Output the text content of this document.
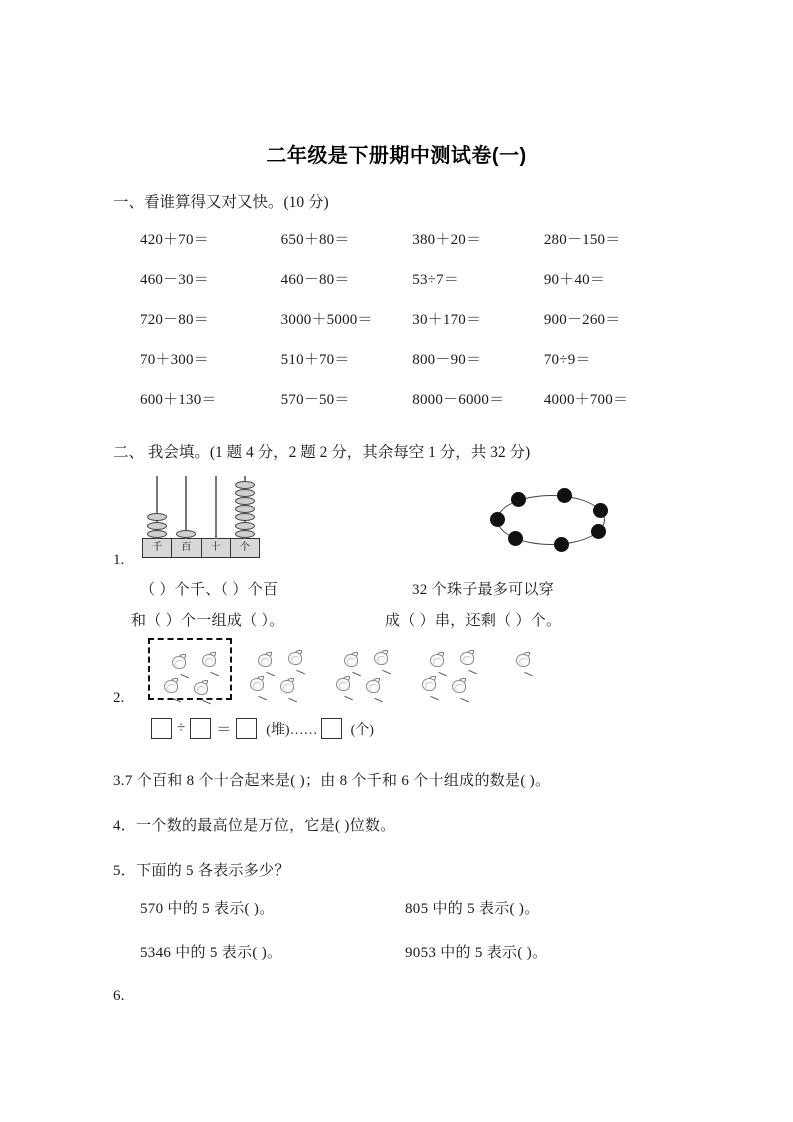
二年级是下册期中测试卷(一)
一、看谁算得又对又快。(10 分)
420＋70＝	650＋80＝	380＋20＝	280－150＝
460－30＝	460－80＝	53÷7＝	90＋40＝
720－80＝	3000＋5000＝	30＋170＝	900－260＝
70＋300＝	510＋70＝	800－90＝	70÷9＝
600＋130＝	570－50＝	8000－6000＝	4000＋700＝
二、 我会填。(1 题 4 分，2 题 2 分，其余每空 1 分，共 32 分)
1.
千	百	十	个
（ ）个千、（ ）个百	32 个珠子最多可以穿
和（ ）个一组成（ ）。	成（ ）串，还剩（ ）个。
2.
÷ ＝	(堆)…… (个)
3.7 个百和 8 个十合起来是( )；由 8 个千和 6 个十组成的数是( )。
4．一个数的最高位是万位，它是( )位数。
5．下面的 5 各表示多少？
570 中的 5 表示( )。	805 中的 5 表示( )。
5346 中的 5 表示( )。	9053 中的 5 表示( )。
6.
